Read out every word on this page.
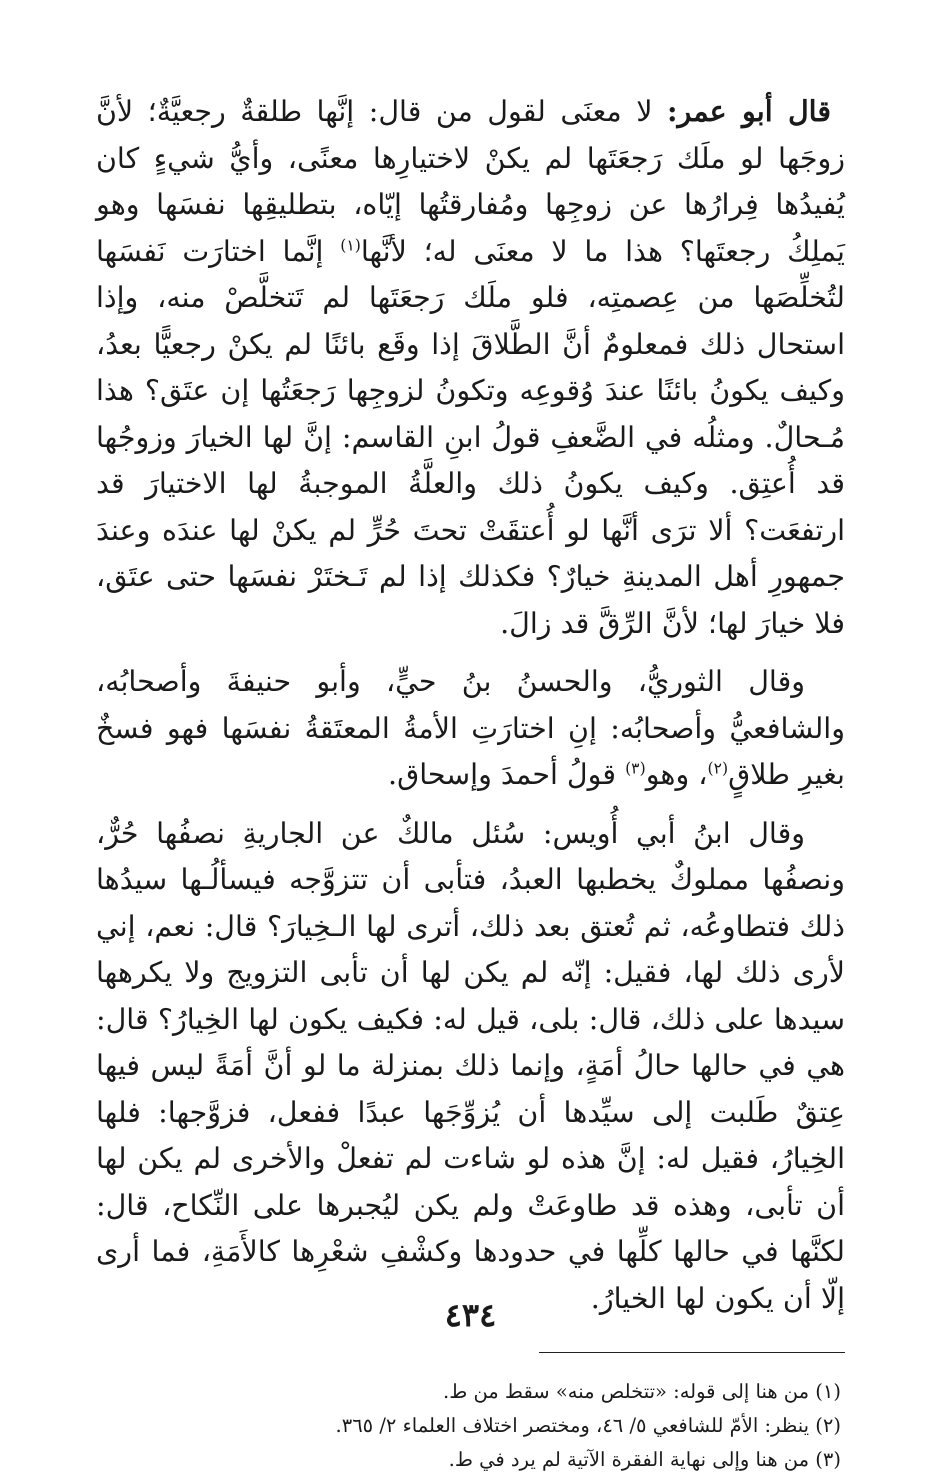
قال أبو عمر: لا معنَى لقول من قال: إنَّها طلقةٌ رجعيَّةٌ؛ لأنَّ زوجَها لو ملَك رَجعَتَها لم يكنْ لاختيارِها معنًى، وأيُّ شيءٍ كان يُفيدُها فِرارُها عن زوجِها ومُفارقتُها إيّاه، بتطليقِها نفسَها وهو يَملِكُ رجعتَها؟ هذا ما لا معنَى له؛ لأنَّها$^{(١)}$ إنَّما اختارَت نَفسَها لتُخلِّصَها من عِصمتِه، فلو ملَك رَجعَتَها لم تَتخلَّصْ منه، وإذا استحال ذلك فمعلومٌ أنَّ الطَّلاقَ إذا وقَع بائنًا لم يكنْ رجعيًّا بعدُ، وكيف يكونُ بائنًا عندَ وُقوعِه وتكونُ لزوجِها رَجعَتُها إن عتَق؟ هذا مُـحالٌ. ومثلُه في الضَّعفِ قولُ ابنِ القاسم: إنَّ لها الخيارَ وزوجُها قد أُعتِق. وكيف يكونُ ذلك والعلَّةُ الموجبةُ لها الاختيارَ قد ارتفعَت؟ ألا ترَى أنَّها لو أُعتقَتْ تحتَ حُرٍّ لم يكنْ لها عندَه وعندَ جمهورِ أهل المدينةِ خيارٌ؟ فكذلك إذا لم تَـختَرْ نفسَها حتى عتَق، فلا خيارَ لها؛ لأنَّ الرِّقَّ قد زالَ.

وقال الثوريُّ، والحسنُ بنُ حيٍّ، وأبو حنيفةَ وأصحابُه، والشافعيُّ وأصحابُه: إنِ اختارَتِ الأمةُ المعتَقةُ نفسَها فهو فسخٌ بغيرِ طلاقٍ$^{(٢)}$، وهو$^{(٣)}$ قولُ أحمدَ وإسحاق.

وقال ابنُ أبي أُويس: سُئل مالكٌ عن الجاريةِ نصفُها حُرٌّ، ونصفُها مملوكٌ يخطبها العبدُ، فتأبى أن تتزوَّجه فيسألُـها سيدُها ذلك فتطاوعُه، ثم تُعتق بعد ذلك، أترى لها الـخِيارَ؟ قال: نعم، إني لأرى ذلك لها، فقيل: إنّه لم يكن لها أن تأبى التزويج ولا يكرهها سيدها على ذلك، قال: بلى، قيل له: فكيف يكون لها الخِيارُ؟ قال: هي في حالها حالُ أمَةٍ، وإنما ذلك بمنزلة ما لو أنَّ أمَةً ليس فيها عِتقٌ طَلبت إلى سيِّدها أن يُزوِّجَها عبدًا ففعل، فزوَّجها: فلها الخِيارُ، فقيل له: إنَّ هذه لو شاءت لم تفعلْ والأخرى لم يكن لها أن تأبى، وهذه قد طاوعَتْ ولم يكن ليُجبرها على النِّكاح، قال: لكنَّها في حالها كلِّها في حدودها وكشْفِ شعْرِها كالأَمَةِ، فما أرى إلّا أن يكون لها الخيارُ.

(١) من هنا إلى قوله: «تتخلص منه» سقط من ط.

(٢) ينظر: الأمّ للشافعي ٥/ ٤٦، ومختصر اختلاف العلماء ٢/ ٣٦٥.

(٣) من هنا وإلى نهاية الفقرة الآتية لم يرد في ط.

٤٣٤
